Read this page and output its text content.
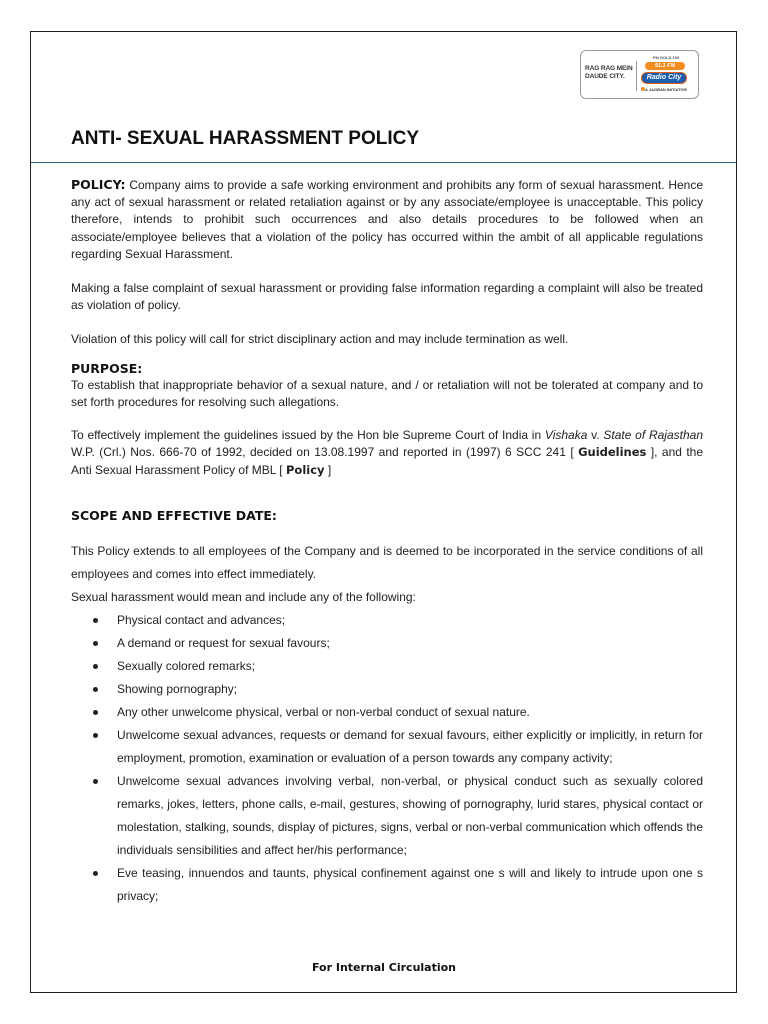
RAG RAG MEIN
DAUDE CITY.
FM GOLD 100
91.1 FM
Radio City
A JAGRAN INITIATIVE
ANTI- SEXUAL HARASSMENT POLICY

POLICY: Company aims to provide a safe working environment and prohibits any form of sexual harassment. Hence any act of sexual harassment or related retaliation against or by any associate/employee is unacceptable. This policy therefore, intends to prohibit such occurrences and also details procedures to be followed when an associate/employee believes that a violation of the policy has occurred within the ambit of all applicable regulations regarding Sexual Harassment.

Making a false complaint of sexual harassment or providing false information regarding a complaint will also be treated as violation of policy.

Violation of this policy will call for strict disciplinary action and may include termination as well.

PURPOSE:

To establish that inappropriate behavior of a sexual nature, and / or retaliation will not be tolerated at company and to set forth procedures for resolving such allegations.

To effectively implement the guidelines issued by the Hon ble Supreme Court of India in Vishaka v. State of Rajasthan W.P. (Crl.) Nos. 666-70 of 1992, decided on 13.08.1997 and reported in (1997) 6 SCC 241 [ Guidelines ], and the Anti Sexual Harassment Policy of MBL [ Policy ]

SCOPE AND EFFECTIVE DATE:

This Policy extends to all employees of the Company and is deemed to be incorporated in the service conditions of all employees and comes into effect immediately.

Sexual harassment would mean and include any of the following:

Physical contact and advances;
A demand or request for sexual favours;
Sexually colored remarks;
Showing pornography;
Any other unwelcome physical, verbal or non-verbal conduct of sexual nature.
Unwelcome sexual advances, requests or demand for sexual favours, either explicitly or implicitly, in return for employment, promotion, examination or evaluation of a person towards any company activity;
Unwelcome sexual advances involving verbal, non-verbal, or physical conduct such as sexually colored remarks, jokes, letters, phone calls, e-mail, gestures, showing of pornography, lurid stares, physical contact or molestation, stalking, sounds, display of pictures, signs, verbal or non-verbal communication which offends the individuals sensibilities and affect her/his performance;
Eve teasing, innuendos and taunts, physical confinement against one s will and likely to intrude upon one s privacy;
For Internal Circulation
